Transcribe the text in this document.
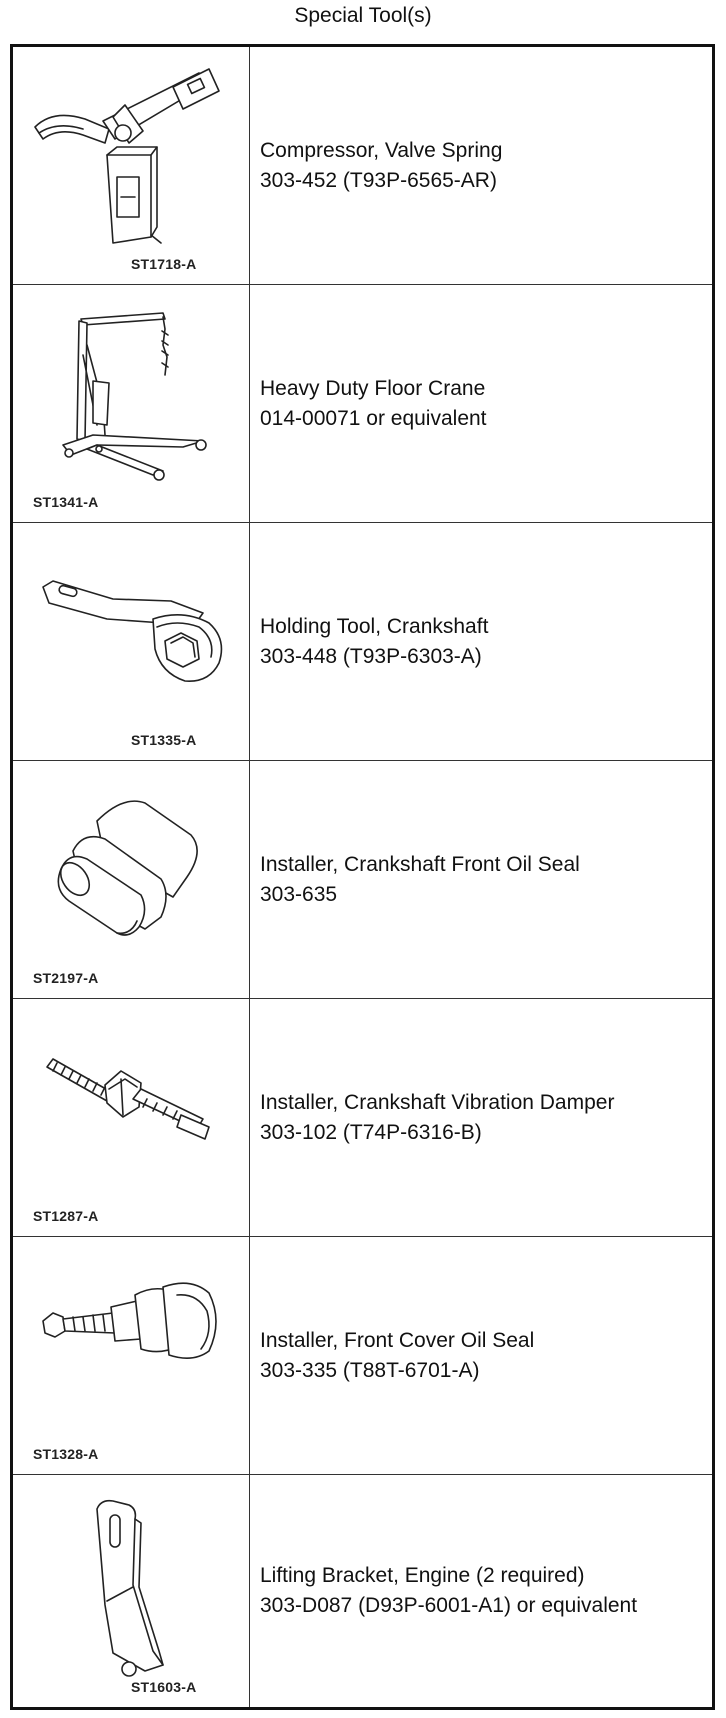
Special Tool(s)
ST1718-A
Compressor, Valve Spring
303-452 (T93P-6565-AR)
ST1341-A
Heavy Duty Floor Crane
014-00071 or equivalent
ST1335-A
Holding Tool, Crankshaft
303-448 (T93P-6303-A)
ST2197-A
Installer, Crankshaft Front Oil Seal
303-635
ST1287-A
Installer, Crankshaft Vibration Damper
303-102 (T74P-6316-B)
ST1328-A
Installer, Front Cover Oil Seal
303-335 (T88T-6701-A)
ST1603-A
Lifting Bracket, Engine (2 required)
303-D087 (D93P-6001-A1) or equivalent
